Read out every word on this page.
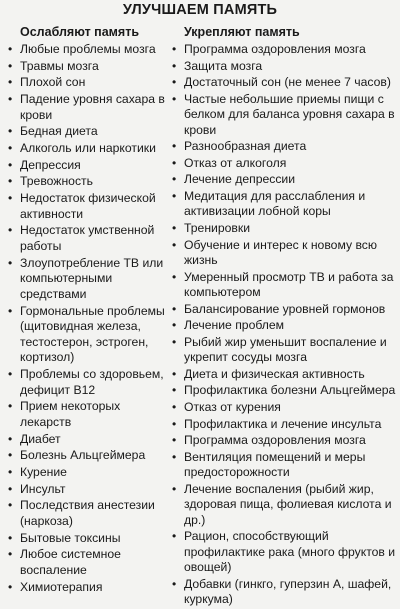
УЛУЧШАЕМ ПАМЯТЬ
Ослабляют память
• Любые проблемы мозга
• Травмы мозга
• Плохой сон
• Падение уровня сахара в крови
• Бедная диета
• Алкоголь или наркотики
• Депрессия
• Тревожность
• Недостаток физической активности
• Недостаток умственной работы
• Злоупотребление ТВ или компьютерными средствами
• Гормональные проблемы (щитовидная железа, тестостерон, эстроген, кортизол)
• Проблемы со здоровьем, дефицит B12
• Прием некоторых лекарств
• Диабет
• Болезнь Альцгеймера
• Курение
• Инсульт
• Последствия анестезии (наркоза)
• Бытовые токсины
• Любое системное воспаление
• Химиотерапия
Укрепляют память
• Программа оздоровления мозга
• Защита мозга
• Достаточный сон (не менее 7 часов)
• Частые небольшие приемы пищи с белком для баланса уровня сахара в крови
• Разнообразная диета
• Отказ от алкоголя
• Лечение депрессии
• Медитация для расслабления и активизации лобной коры
• Тренировки
• Обучение и интерес к новому всю жизнь
• Умеренный просмотр ТВ и работа за компьютером
• Балансирование уровней гормонов
• Лечение проблем
• Рыбий жир уменьшит воспаление и укрепит сосуды мозга
• Диета и физическая активность
• Профилактика болезни Альцгеймера
• Отказ от курения
• Профилактика и лечение инсульта
• Программа оздоровления мозга
• Вентиляция помещений и меры предосторожности
• Лечение воспаления (рыбий жир, здоровая пища, фолиевая кислота и др.)
• Рацион, способствующий профилактике рака (много фруктов и овощей)
• Добавки (гинкго, гуперзин А, шафей, куркума)
